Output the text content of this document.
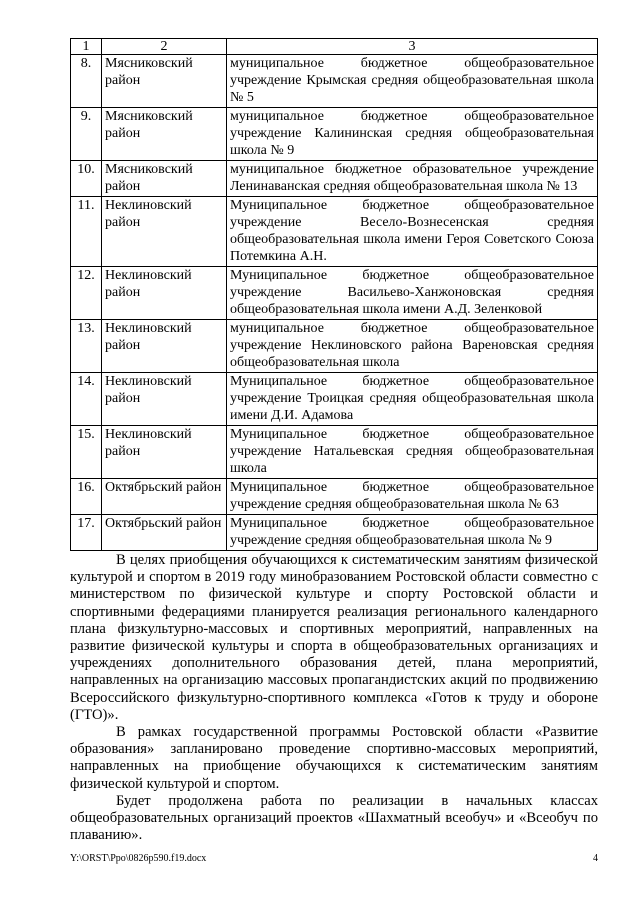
1	2	3
8.	Мясниковский район	муниципальное бюджетное общеобразовательное учреждение Крымская средняя общеобразовательная школа № 5
9.	Мясниковский район	муниципальное бюджетное общеобразовательное учреждение Калининская средняя общеобразовательная школа № 9
10.	Мясниковский район	муниципальное бюджетное образовательное учреждение Ленинаванская средняя общеобразовательная школа № 13
11.	Неклиновский район	Муниципальное бюджетное общеобразовательное учреждение Весело-Вознесенская средняя общеобразовательная школа имени Героя Советского Союза Потемкина А.Н.
12.	Неклиновский район	Муниципальное бюджетное общеобразовательное учреждение Васильево-Ханжоновская средняя общеобразовательная школа имени А.Д. Зеленковой
13.	Неклиновский район	муниципальное бюджетное общеобразовательное учреждение Неклиновского района Вареновская средняя общеобразовательная школа
14.	Неклиновский район	Муниципальное бюджетное общеобразовательное учреждение Троицкая средняя общеобразовательная школа имени Д.И. Адамова
15.	Неклиновский район	Муниципальное бюджетное общеобразовательное учреждение Натальевская средняя общеобразовательная школа
16.	Октябрьский район	Муниципальное бюджетное общеобразовательное учреждение средняя общеобразовательная школа № 63
17.	Октябрьский район	Муниципальное бюджетное общеобразовательное учреждение средняя общеобразовательная школа № 9

В целях приобщения обучающихся к систематическим занятиям физической культурой и спортом в 2019 году минобразованием Ростовской области совместно с министерством по физической культуре и спорту Ростовской области и спортивными федерациями планируется реализация регионального календарного плана физкультурно-массовых и спортивных мероприятий, направленных на развитие физической культуры и спорта в общеобразовательных организациях и учреждениях дополнительного образования детей, плана мероприятий, направленных на организацию массовых пропагандистских акций по продвижению Всероссийского физкультурно-спортивного комплекса «Готов к труду и обороне (ГТО)».

В рамках государственной программы Ростовской области «Развитие образования» запланировано проведение спортивно-массовых мероприятий, направленных на приобщение обучающихся к систематическим занятиям физической культурой и спортом.

Будет продолжена работа по реализации в начальных классах общеобразовательных организаций проектов «Шахматный всеобуч» и «Всеобуч по плаванию».

Y:\ORST\Ppo\0826p590.f19.docx	4
